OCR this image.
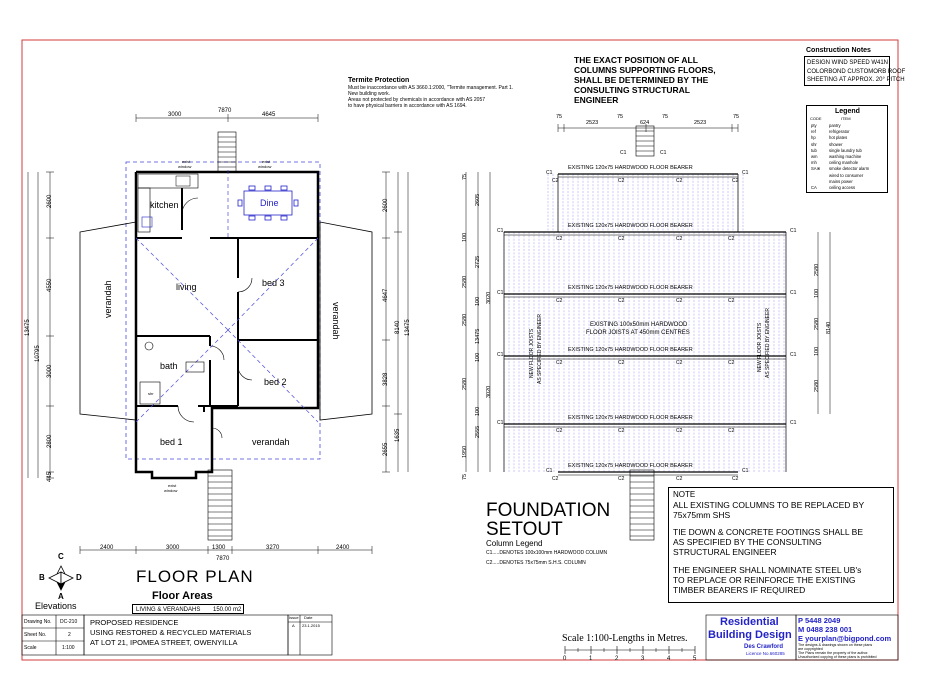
Termite Protection
Must be inaccordance with AS 3660.1:2000, "Termite management. Part 1.
New building work.
Areas not protected by chemicals in accordance with AS 2057
to have physical barriers in accordance with AS 1694.
THE EXACT POSITION OF ALL
COLUMNS SUPPORTING FLOORS,
SHALL BE DETERMINED BY THE
CONSULTING STRUCTURAL
ENGINEER
Construction Notes
DESIGN WIND SPEED W41N
COLORBOND CUSTOMORB ROOF
SHEETING AT APPROX. 20° PITCH
Legend
CODE	ITEM
pty	pantry
ref	refrigerator
hp	hot plates
shr	shower
tub	single laundry tub
wm	washing machine
mh	ceiling manhole
SA⊗ smoke detector alarm
wired to consumer
mains power
CA	ceiling access
kitchen	Dine
living	bed 3
bath
bed 2
bed 1	verandah
verandah
verandah
shr
exist
window
exist
window
exist
window
3000
7870
4645
2400	3000	1300	3270	2400
7870
2600
4550
3000
2800
445
13475
10795
2600
4647
3828
2655
1635
8140 13475
FLOOR PLAN
Floor Areas
LIVING & VERANDAHS 150.00 m2
C
B	D
A
Elevations
EXISTING 120x75 HARDWOOD FLOOR BEARER
C1	C1
C2	C2
C2	C2
EXISTING 120x75 HARDWOOD FLOOR BEARER
C1	C1
C2	C2
C2	C2
EXISTING 120x75 HARDWOOD FLOOR BEARER
C1	C1
C2	C2
C2	C2
EXISTING 120x75 HARDWOOD FLOOR BEARER
C1	C1
C2	C2
C2	C2
EXISTING 120x75 HARDWOOD FLOOR BEARER
C1	C1
C2	C2
C2	C2
EXISTING 120x75 HARDWOOD FLOOR BEARER
C1	C1
C2	C2
C2	C2
C1	C1
EXISTING 100x50mm HARDWOOD
FLOOR JOISTS AT 450mm CENTRES
NEW FLOOR JOISTS AS SPECIFIED BY ENGINEER	NEW FLOOR JOISTS AS SPECIFIED BY ENGINEER
75
2523
75
624
75
2523
75
75
2605
100
2725
2580
100
2580
100
2580
100
1950
2555
75
13475
3020
3020
2580
100
2580
100
2580
8140
FOUNDATION
SETOUT
Column Legend
C1.....DENOTES 100x100mm HARDWOOD COLUMN
C2.....DENOTES 75x75mm S.H.S. COLUMN
NOTE
ALL EXISTING COLUMNS TO BE REPLACED BY
75x75mm SHS
TIE DOWN & CONCRETE FOOTINGS SHALL BE
AS SPECIFIED BY THE CONSULTING
STRUCTURAL ENGINEER
THE ENGINEER SHALL NOMINATE STEEL UB's
TO REPLACE OR REINFORCE THE EXISTING
TIMBER BEARERS IF REQUIRED
Drawing No. DC-210
Sheet No.	2
Scale	1:100
PROPOSED RESIDENCE
USING RESTORED & RECYCLED MATERIALS
AT LOT 21, IPOMEA STREET, OWENYILLA
Issue Date
A 23.1.2015
Scale 1:100-Lengths in Metres.
0	1	2	3	4	5
Residential
Building Design
Des Crawford
Licence No.660285
P 5448 2049
M 0488 238 001
E yourplan@bigpond.com
The designs & drawings shown on these plans
are copyrighted
The Plans remain the property of the author.
Unauthorized copying of these plans is prohibited
